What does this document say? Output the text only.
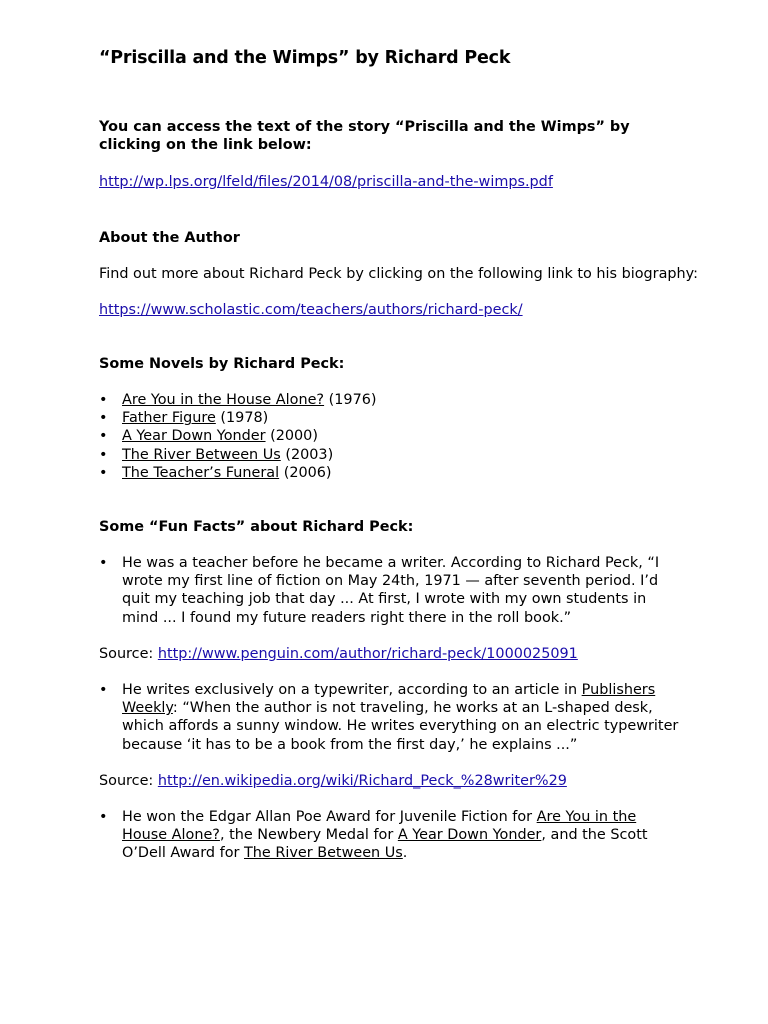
“Priscilla and the Wimps” by Richard Peck
You can access the text of the story “Priscilla and the Wimps” by clicking on the link below:
http://wp.lps.org/lfeld/files/2014/08/priscilla-and-the-wimps.pdf
About the Author
Find out more about Richard Peck by clicking on the following link to his biography:
https://www.scholastic.com/teachers/authors/richard-peck/
Some Novels by Richard Peck:
• Are You in the House Alone? (1976)
• Father Figure (1978)
• A Year Down Yonder (2000)
• The River Between Us (2003)
• The Teacher’s Funeral (2006)
Some “Fun Facts” about Richard Peck:
• He was a teacher before he became a writer. According to Richard Peck, “I wrote my first line of fiction on May 24th, 1971 — after seventh period. I’d quit my teaching job that day ... At first, I wrote with my own students in mind ... I found my future readers right there in the roll book.”
Source: http://www.penguin.com/author/richard-peck/1000025091
• He writes exclusively on a typewriter, according to an article in Publishers Weekly: “When the author is not traveling, he works at an L-shaped desk, which affords a sunny window. He writes everything on an electric typewriter because ‘it has to be a book from the first day,’ he explains ...”
Source: http://en.wikipedia.org/wiki/Richard_Peck_%28writer%29
• He won the Edgar Allan Poe Award for Juvenile Fiction for Are You in the House Alone?, the Newbery Medal for A Year Down Yonder, and the Scott O’Dell Award for The River Between Us.
